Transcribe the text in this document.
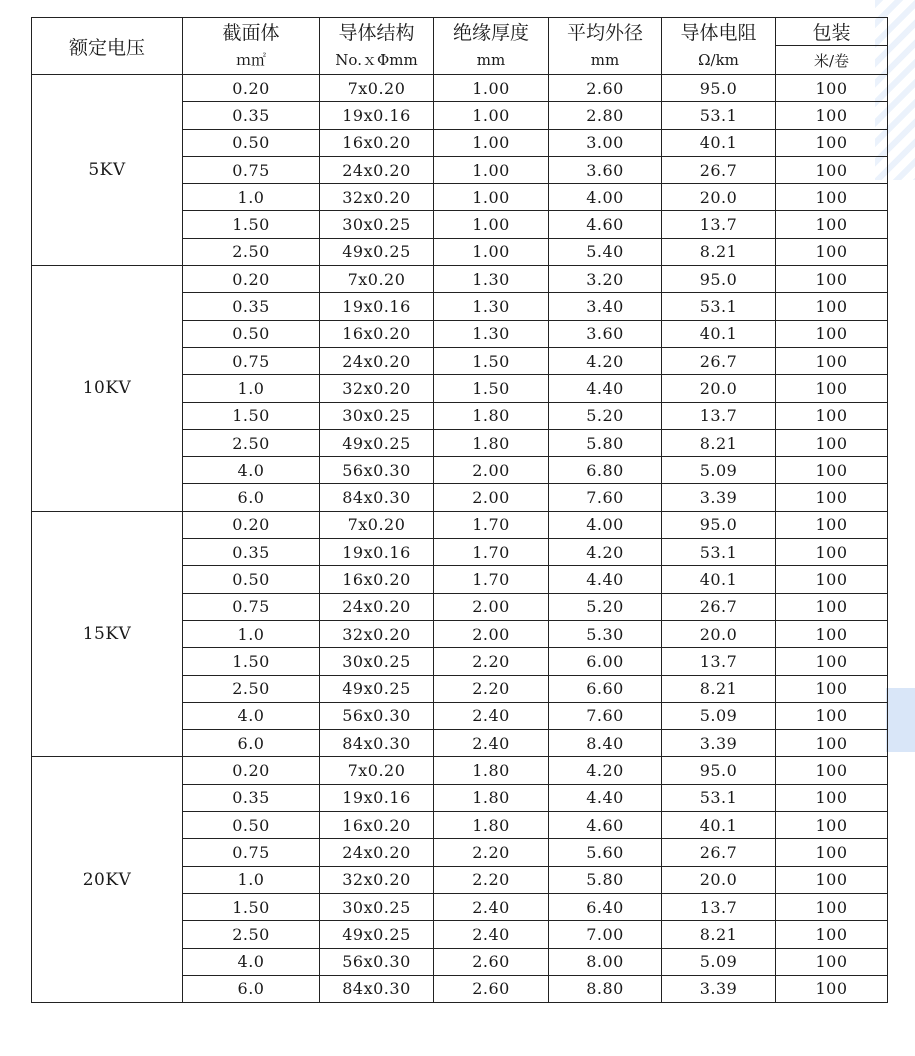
额定电压	截面体	导体结构	绝缘厚度	平均外径	导体电阻	包装
	ｍ㎡	No.ｘΦmm	mm	mm	Ω/km	米/卷
5KV	0.20	7x0.20	1.00	2.60	95.0	100
	0.35	19x0.16	1.00	2.80	53.1	100
	0.50	16x0.20	1.00	3.00	40.1	100
	0.75	24x0.20	1.00	3.60	26.7	100
	1.0	32x0.20	1.00	4.00	20.0	100
	1.50	30x0.25	1.00	4.60	13.7	100
	2.50	49x0.25	1.00	5.40	8.21	100
10KV	0.20	7x0.20	1.30	3.20	95.0	100
	0.35	19x0.16	1.30	3.40	53.1	100
	0.50	16x0.20	1.30	3.60	40.1	100
	0.75	24x0.20	1.50	4.20	26.7	100
	1.0	32x0.20	1.50	4.40	20.0	100
	1.50	30x0.25	1.80	5.20	13.7	100
	2.50	49x0.25	1.80	5.80	8.21	100
	4.0	56x0.30	2.00	6.80	5.09	100
	6.0	84x0.30	2.00	7.60	3.39	100
15KV	0.20	7x0.20	1.70	4.00	95.0	100
	0.35	19x0.16	1.70	4.20	53.1	100
	0.50	16x0.20	1.70	4.40	40.1	100
	0.75	24x0.20	2.00	5.20	26.7	100
	1.0	32x0.20	2.00	5.30	20.0	100
	1.50	30x0.25	2.20	6.00	13.7	100
	2.50	49x0.25	2.20	6.60	8.21	100
	4.0	56x0.30	2.40	7.60	5.09	100
	6.0	84x0.30	2.40	8.40	3.39	100
20KV	0.20	7x0.20	1.80	4.20	95.0	100
	0.35	19x0.16	1.80	4.40	53.1	100
	0.50	16x0.20	1.80	4.60	40.1	100
	0.75	24x0.20	2.20	5.60	26.7	100
	1.0	32x0.20	2.20	5.80	20.0	100
	1.50	30x0.25	2.40	6.40	13.7	100
	2.50	49x0.25	2.40	7.00	8.21	100
	4.0	56x0.30	2.60	8.00	5.09	100
	6.0	84x0.30	2.60	8.80	3.39	100
